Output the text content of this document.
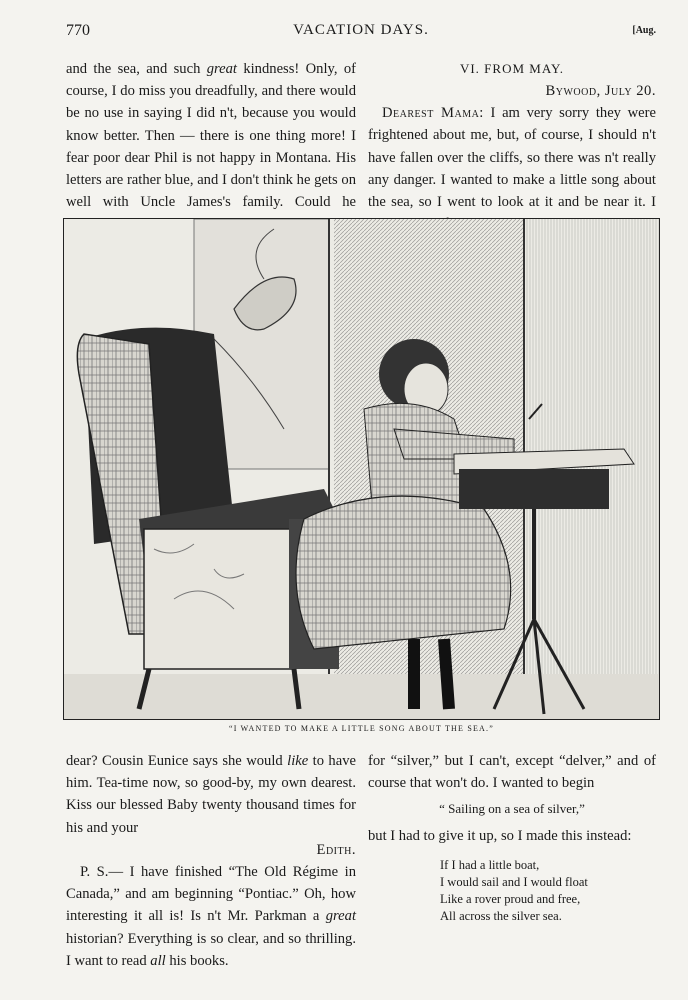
770	VACATION DAYS.	[Aug.

and the sea, and such great kindness! Only, of course, I do miss you dreadfully, and there would be no use in saying I did n't, because you would know better. Then — there is one thing more! I fear poor dear Phil is not happy in Montana. His letters are rather blue, and I don't think he gets on well with Uncle James's family. Could he

VI. FROM MAY.
Bywood, July 20.

Dearest Mama: I am very sorry they were frightened about me, but, of course, I should n't have fallen over the cliffs, so there was n't really any danger. I wanted to make a little song about the sea, so I went to look at it and be near it. I

“I WANTED TO MAKE A LITTLE SONG ABOUT THE SEA.”

dear? Cousin Eunice says she would like to have him. Tea-time now, so good-by, my own dearest. Kiss our blessed Baby twenty thousand times for his and your

Edith.

P. S.— I have finished “The Old Régime in Canada,” and am beginning “Pontiac.” Oh, how interesting it all is! Is n't Mr. Parkman a great historian? Everything is so clear, and so thrilling. I want to read all his books.

for “silver,” but I can't, except “delver,” and of course that won't do. I wanted to begin

“ Sailing on a sea of silver,”

but I had to give it up, so I made this instead:

If I had a little boat,
I would sail and I would float
Like a rover proud and free,
All across the silver sea.
